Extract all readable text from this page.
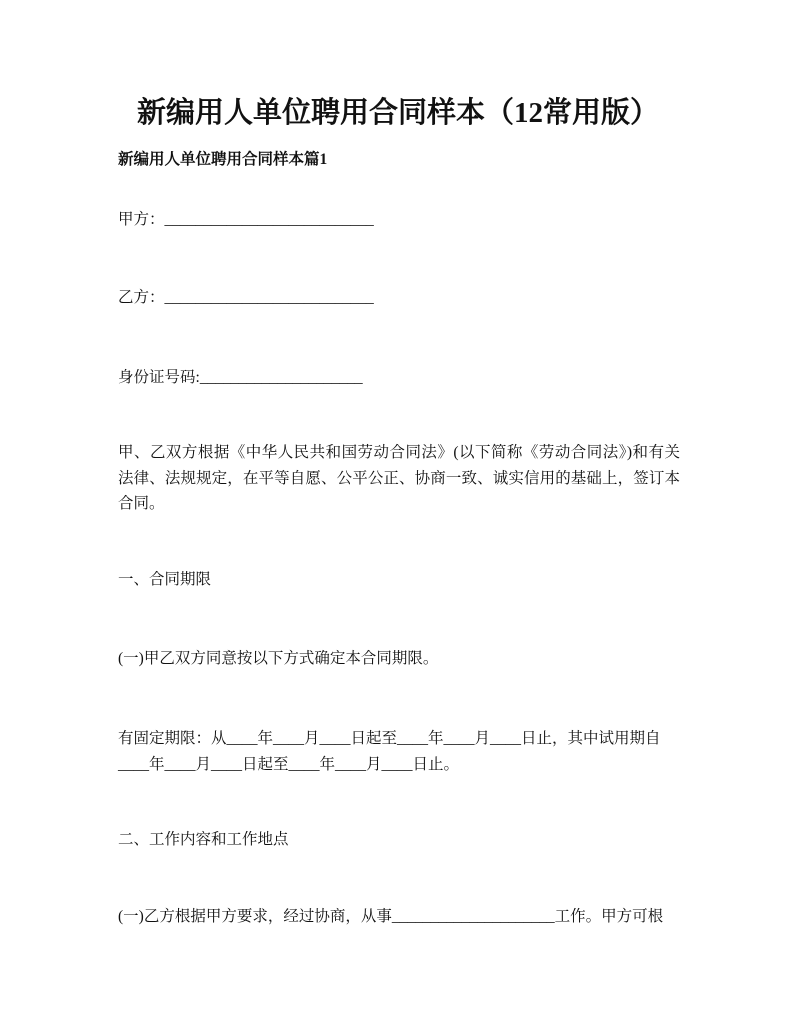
新编用人单位聘用合同样本（12常用版）
新编用人单位聘用合同样本篇1
甲方：___________________________
乙方：___________________________
身份证号码:_____________________
甲、乙双方根据《中华人民共和国劳动合同法》(以下简称《劳动合同法》)和有关
法律、法规规定，在平等自愿、公平公正、协商一致、诚实信用的基础上，签订本
合同。
一、合同期限
(一)甲乙双方同意按以下方式确定本合同期限。
有固定期限：从____年____月____日起至____年____月____日止，其中试用期自
____年____月____日起至____年____月____日止。
二、工作内容和工作地点
(一)乙方根据甲方要求，经过协商，从事_____________________工作。甲方可根
